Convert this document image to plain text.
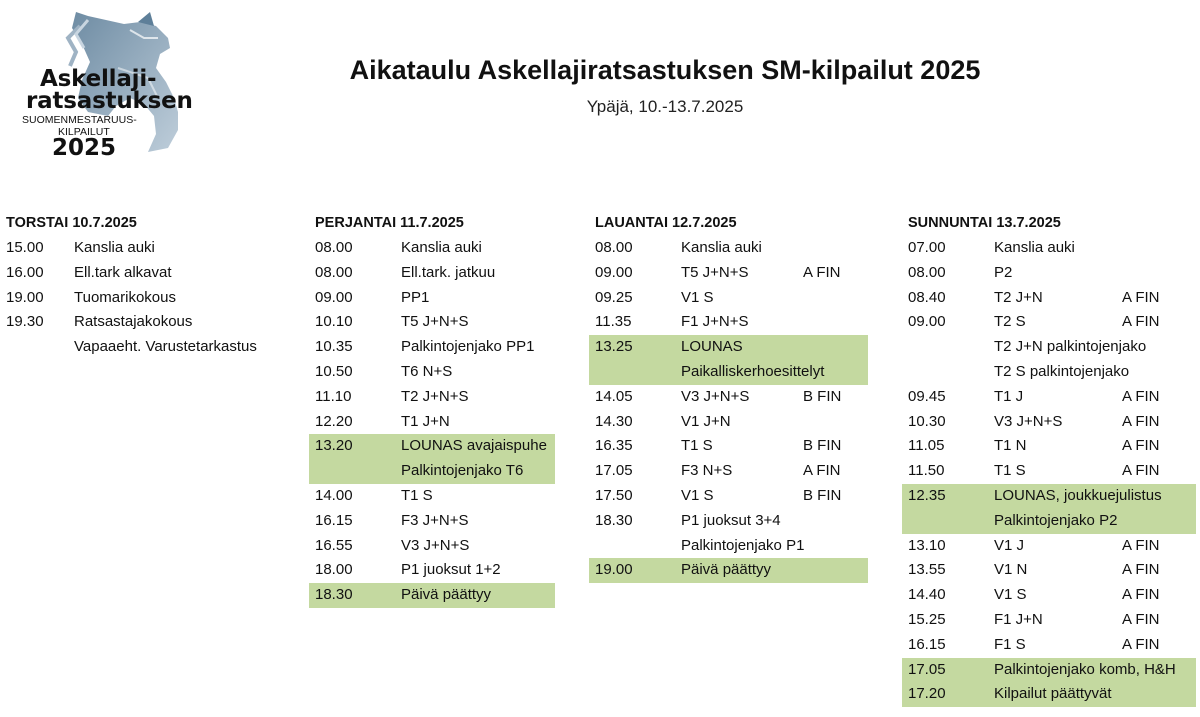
Askellaji-
ratsastuksen
SUOMENMESTARUUS-
KILPAILUT
2025
Aikataulu Askellajiratsastuksen SM-kilpailut 2025
Ypäjä, 10.-13.7.2025
TORSTAI 10.7.2025
15.00 Kanslia auki
16.00 Ell.tark alkavat
19.00 Tuomarikokous
19.30 Ratsastajakokous
Vapaaeht. Varustetarkastus
PERJANTAI 11.7.2025
08.00	Kanslia auki
08.00	Ell.tark. jatkuu
09.00	PP1
10.10	T5 J+N+S
10.35	Palkintojenjako PP1
10.50	T6 N+S
11.10	T2 J+N+S
12.20	T1 J+N
13.20	LOUNAS avajaispuhe
Palkintojenjako T6
14.00	T1 S
16.15	F3 J+N+S
16.55	V3 J+N+S
18.00	P1 juoksut 1+2
18.30	Päivä päättyy
LAUANTAI 12.7.2025
08.00	Kanslia auki
09.00	T5 J+N+S	A FIN
09.25	V1 S
11.35	F1 J+N+S
13.25	LOUNAS
Paikalliskerhoesittelyt
14.05	V3 J+N+S	B FIN
14.30	V1 J+N
16.35	T1 S	B FIN
17.05	F3 N+S	A FIN
17.50	V1 S	B FIN
18.30	P1 juoksut 3+4
Palkintojenjako P1
19.00	Päivä päättyy
SUNNUNTAI 13.7.2025
07.00	Kanslia auki
08.00	P2
08.40	T2 J+N	A FIN
09.00	T2 S	A FIN
T2 J+N palkintojenjako
T2 S palkintojenjako
09.45	T1 J	A FIN
10.30	V3 J+N+S	A FIN
11.05	T1 N	A FIN
11.50	T1 S	A FIN
12.35	LOUNAS, joukkuejulistus
Palkintojenjako P2
13.10	V1 J	A FIN
13.55	V1 N	A FIN
14.40	V1 S	A FIN
15.25	F1 J+N	A FIN
16.15	F1 S	A FIN
17.05	Palkintojenjako komb, H&H
17.20	Kilpailut päättyvät
